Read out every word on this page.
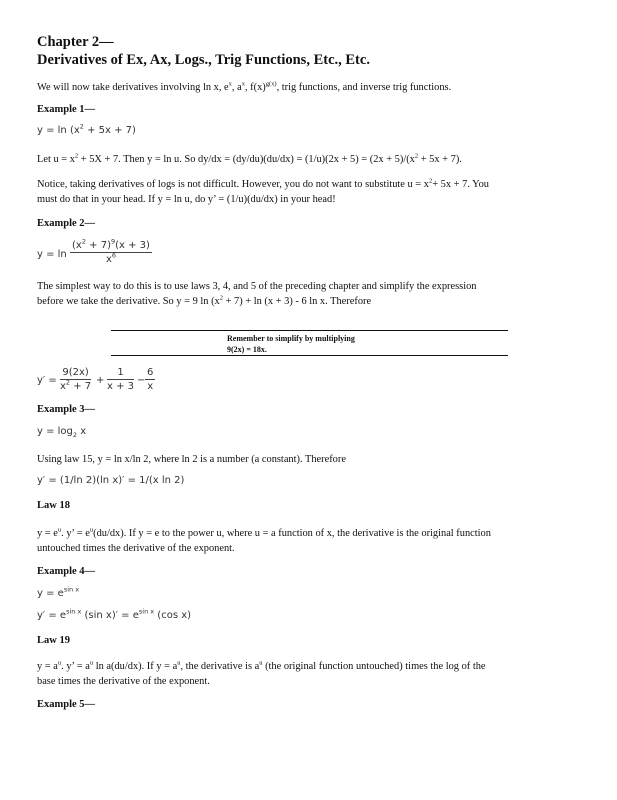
Chapter 2—
Derivatives of Ex, Ax, Logs., Trig Functions, Etc., Etc.
We will now take derivatives involving ln x, $e^x$, $a^x$, $f(x)^{g(x)}$, trig functions, and inverse trig functions.
Example 1—
$y = \ln (x^2 + 5x + 7)$
Let $u = x^2 + 5X + 7$. Then y = ln u. So $dy/dx = (dy/du)(du/dx) = (1/u)(2x + 5) = (2x + 5)/(x^2 + 5x + 7)$.
Notice, taking derivatives of logs is not difficult. However, you do not want to substitute $u = x^2+ 5x + 7$. You
must do that in your head. If y = ln u, do y’ = (1/u)(du/dx) in your head!
Example 2—
$y = \ln \frac{(x^2 + 7)^9(x + 3)}{x^6}$
The simplest way to do this is to use laws 3, 4, and 5 of the preceding chapter and simplify the expression
before we take the derivative. So y = 9 $\ln (x^2 + 7) + \ln (x + 3) - 6$ ln x. Therefore
Remember to simplify by multiplying
9(2x) = 18x.
$y' = \frac{9(2x)}{x^2 + 7} + \frac{1}{x + 3} - \frac{6}{x}$
Example 3—
$y = \log_2 x$
Using law 15, y = ln x/ln 2, where ln 2 is a number (a constant). Therefore
y′ = (1/ln 2)(ln x)′ = 1/(x ln 2)
Law 18
$y = e^u$. y’ = $e^u(du/dx)$. If y = e to the power u, where u = a function of x, the derivative is the original function
untouched times the derivative of the exponent.
Example 4—
$y = e^{sin x}$
$y' = e^{sin x}$ (sin $x)' = e^{sin x}$ (cos x)
Law 19
$y = a^u$. y’ = $a^u$ ln a(du/dx). If $y = a^u$, the derivative is $a^u$ (the original function untouched) times the log of the
base times the derivative of the exponent.
Example 5—
